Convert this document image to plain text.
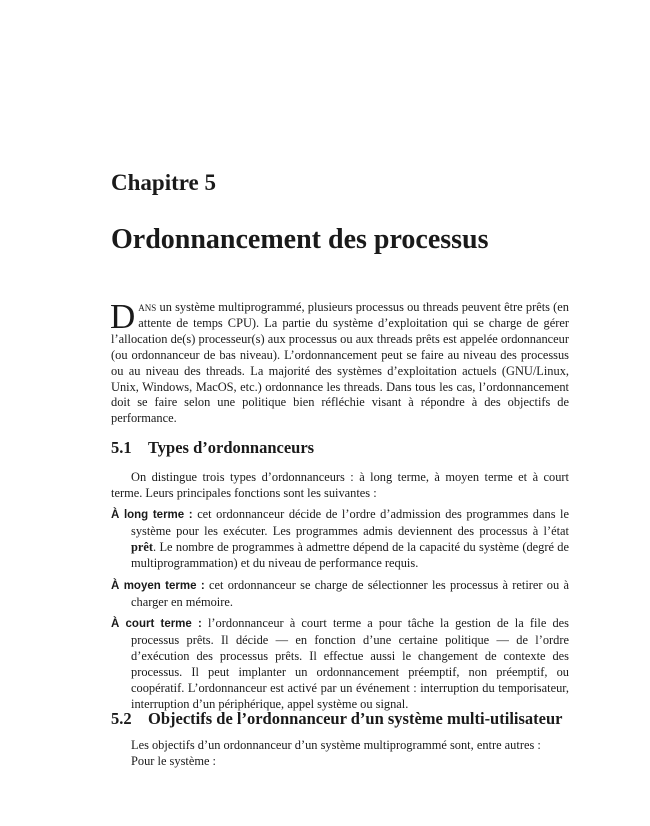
Chapitre 5
Ordonnancement des processus
Dans un système multiprogrammé, plusieurs processus ou threads peuvent être prêts (en attente de temps CPU). La partie du système d’exploitation qui se charge de gérer l’allocation de(s) processeur(s) aux processus ou aux threads prêts est appelée ordonnanceur (ou ordonnanceur de bas niveau). L’ordonnancement peut se faire au niveau des processus ou au niveau des threads. La majorité des systèmes d’exploitation actuels (GNU/Linux, Unix, Windows, MacOS, etc.) ordonnance les threads. Dans tous les cas, l’ordonnancement doit se faire selon une politique bien réfléchie visant à répondre à des objectifs de performance.
5.1 Types d’ordonnanceurs
On distingue trois types d’ordonnanceurs : à long terme, à moyen terme et à court terme. Leurs principales fonctions sont les suivantes :

À long terme : cet ordonnanceur décide de l’ordre d’admission des programmes dans le système pour les exécuter. Les programmes admis deviennent des processus à l’état prêt. Le nombre de programmes à admettre dépend de la capacité du système (degré de multiprogrammation) et du niveau de performance requis.

À moyen terme : cet ordonnanceur se charge de sélectionner les processus à retirer ou à charger en mémoire.

À court terme : l’ordonnanceur à court terme a pour tâche la gestion de la file des processus prêts. Il décide — en fonction d’une certaine politique — de l’ordre d’exécution des processus prêts. Il effectue aussi le changement de contexte des processus. Il peut implanter un ordonnancement préemptif, non préemptif, ou coopératif. L’ordonnanceur est activé par un événement : interruption du temporisateur, interruption d’un périphérique, appel système ou signal.

5.2 Objectifs de l’ordonnanceur d’un système multi-utilisateur
Les objectifs d’un ordonnanceur d’un système multiprogrammé sont, entre autres :
Pour le système :
